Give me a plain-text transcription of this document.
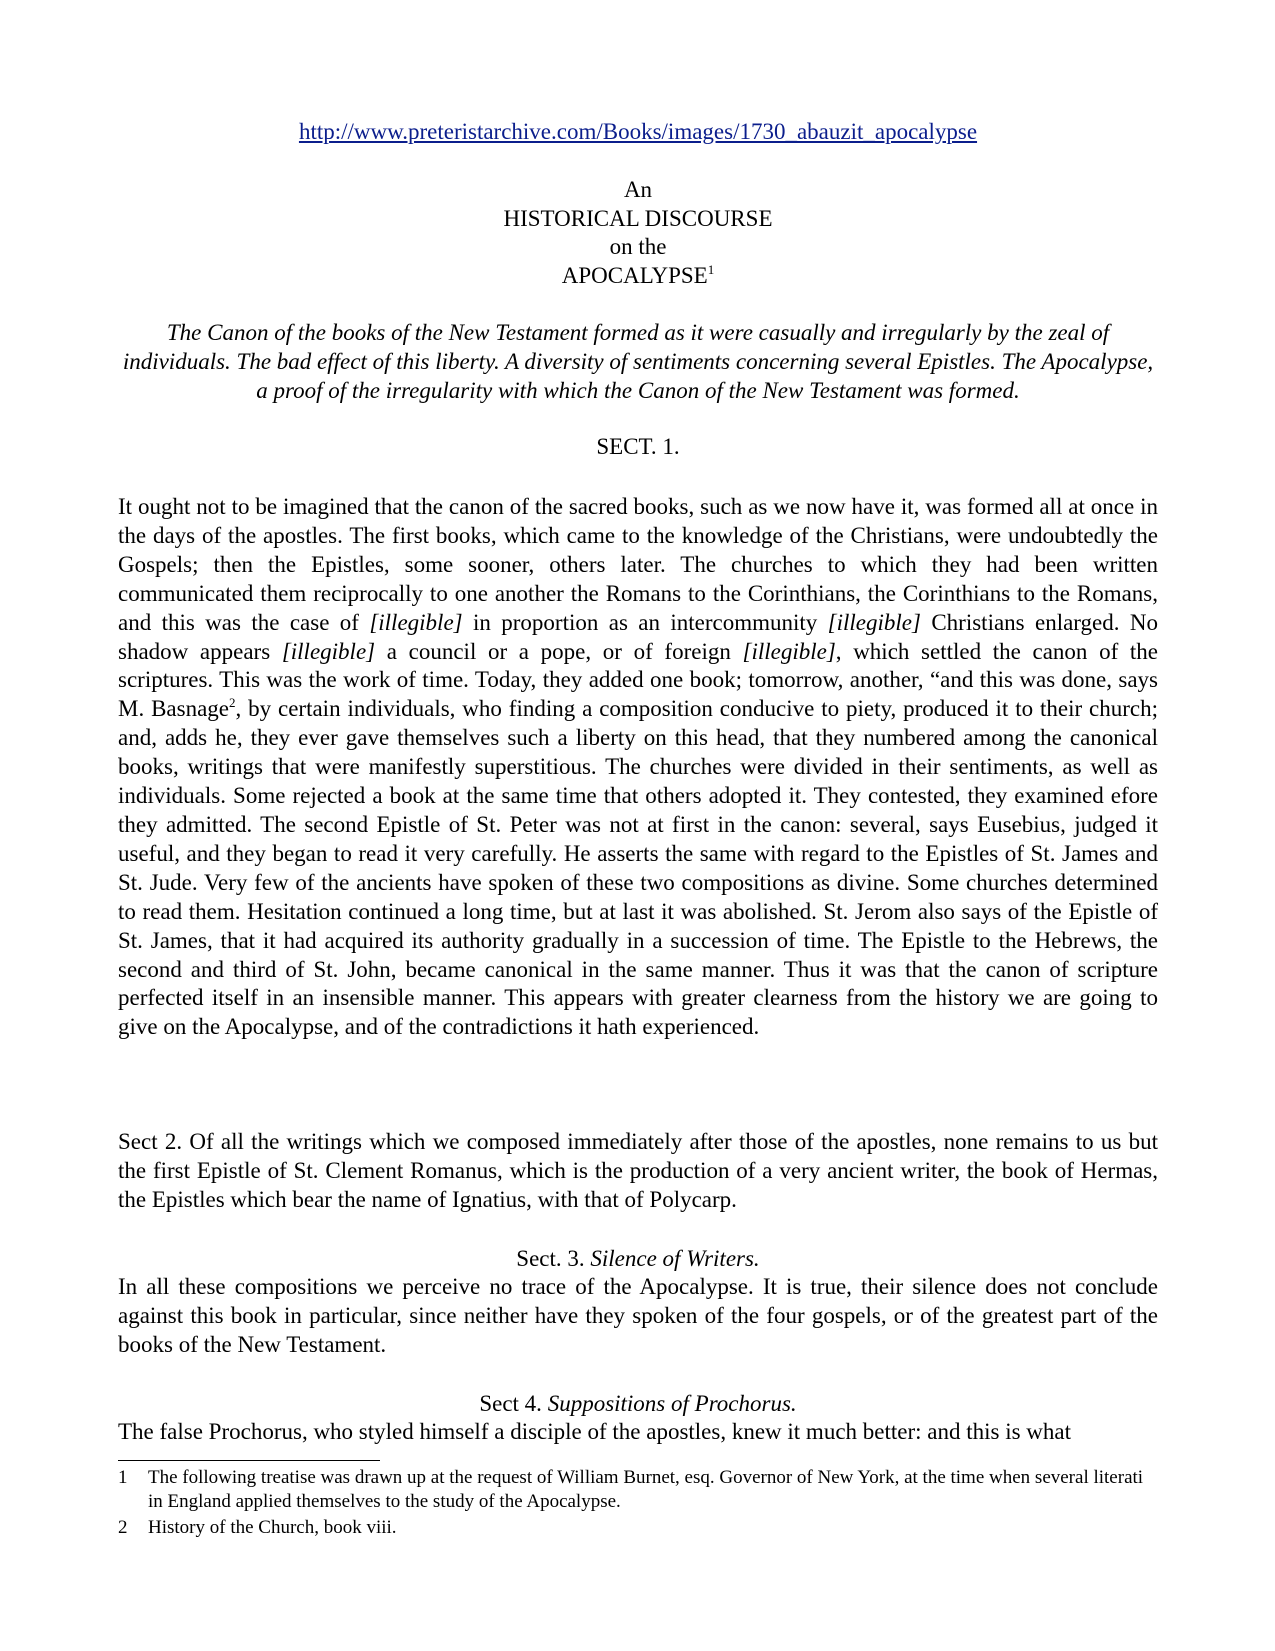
http://www.preteristarchive.com/Books/images/1730_abauzit_apocalypse
An
HISTORICAL DISCOURSE
on the
APOCALYPSE$^1$
The Canon of the books of the New Testament formed as it were casually and irregularly by the zeal of individuals. The bad effect of this liberty. A diversity of sentiments concerning several Epistles. The Apocalypse, a proof of the irregularity with which the Canon of the New Testament was formed.
SECT. 1.

It ought not to be imagined that the canon of the sacred books, such as we now have it, was formed all at once in the days of the apostles. The first books, which came to the knowledge of the Christians, were undoubtedly the Gospels; then the Epistles, some sooner, others later. The churches to which they had been written communicated them reciprocally to one another the Romans to the Corinthians, the Corinthians to the Romans, and this was the case of [illegible] in proportion as an intercommunity [illegible] Christians enlarged. No shadow appears [illegible] a council or a pope, or of foreign [illegible], which settled the canon of the scriptures. This was the work of time. Today, they added one book; tomorrow, another, “and this was done, says M. Basnage$^2$, by certain individuals, who finding a composition conducive to piety, produced it to their church; and, adds he, they ever gave themselves such a liberty on this head, that they numbered among the canonical books, writings that were manifestly superstitious. The churches were divided in their sentiments, as well as individuals. Some rejected a book at the same time that others adopted it. They contested, they examined efore they admitted. The second Epistle of St. Peter was not at first in the canon: several, says Eusebius, judged it useful, and they began to read it very carefully. He asserts the same with regard to the Epistles of St. James and St. Jude. Very few of the ancients have spoken of these two compositions as divine. Some churches determined to read them. Hesitation continued a long time, but at last it was abolished. St. Jerom also says of the Epistle of St. James, that it had acquired its authority gradually in a succession of time. The Epistle to the Hebrews, the second and third of St. John, became canonical in the same manner. Thus it was that the canon of scripture perfected itself in an insensible manner. This appears with greater clearness from the history we are going to give on the Apocalypse, and of the contradictions it hath experienced.

Sect 2. Of all the writings which we composed immediately after those of the apostles, none remains to us but the first Epistle of St. Clement Romanus, which is the production of a very ancient writer, the book of Hermas, the Epistles which bear the name of Ignatius, with that of Polycarp.

Sect. 3. Silence of Writers.

In all these compositions we perceive no trace of the Apocalypse. It is true, their silence does not conclude against this book in particular, since neither have they spoken of the four gospels, or of the greatest part of the books of the New Testament.

Sect 4. Suppositions of Prochorus.

The false Prochorus, who styled himself a disciple of the apostles, knew it much better: and this is what

1	The following treatise was drawn up at the request of William Burnet, esq. Governor of New York, at the time when several literati in England applied themselves to the study of the Apocalypse.
2	History of the Church, book viii.
